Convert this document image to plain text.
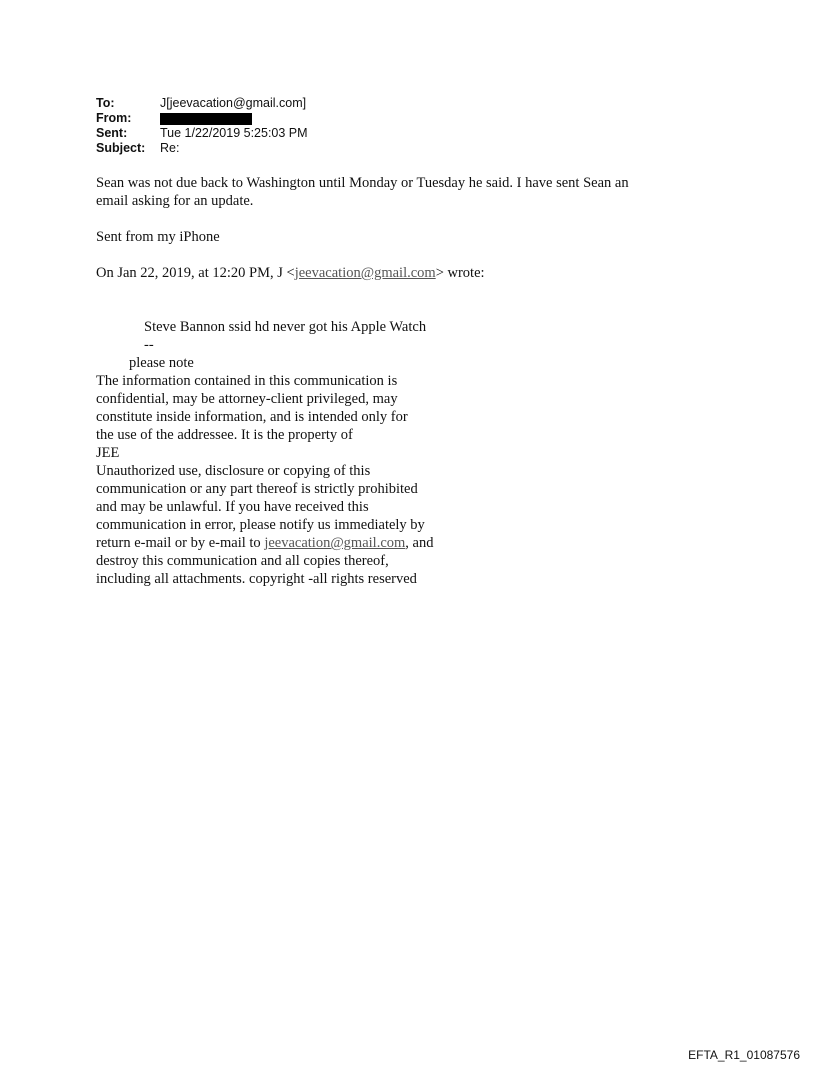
To:	J[jeevacation@gmail.com]
From:
Sent:	Tue 1/22/2019 5:25:03 PM
Subject:	Re:

Sean was not due back to Washington until Monday or Tuesday he said. I have sent Sean an

email asking for an update.

Sent from my iPhone

On Jan 22, 2019, at 12:20 PM, J <jeevacation@gmail.com> wrote:

Steve Bannon ssid hd never got his Apple Watch

--

please note

The information contained in this communication is

confidential, may be attorney-client privileged, may

constitute inside information, and is intended only for

the use of the addressee. It is the property of

JEE

Unauthorized use, disclosure or copying of this

communication or any part thereof is strictly prohibited

and may be unlawful. If you have received this

communication in error, please notify us immediately by

return e-mail or by e-mail to jeevacation@gmail.com, and

destroy this communication and all copies thereof,

including all attachments. copyright -all rights reserved

EFTA_R1_01087576
